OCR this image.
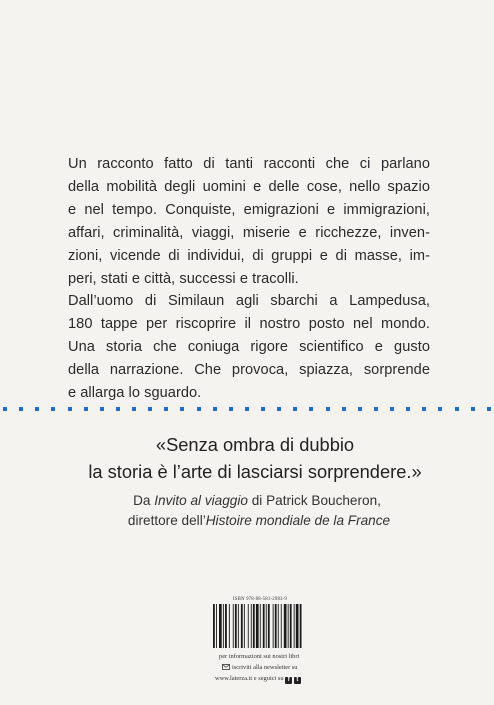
Un racconto fatto di tanti racconti che ci parlano
della mobilità degli uomini e delle cose, nello spazio
e nel tempo. Conquiste, emigrazioni e immigrazioni,
affari, criminalità, viaggi, miserie e ricchezze, inven-
zioni, vicende di individui, di gruppi e di masse, im-
peri, stati e città, successi e tracolli.
Dall’uomo di Similaun agli sbarchi a Lampedusa,
180 tappe per riscoprire il nostro posto nel mondo.
Una storia che coniuga rigore scientifico e gusto
della narrazione. Che provoca, spiazza, sorprende
e allarga lo sguardo.
«Senza ombra di dubbio
la storia è l’arte di lasciarsi sorprendere.»
Da Invito al viaggio di Patrick Boucheron,
direttore dell’Histoire mondiale de la France
ISBN 978-88-581-2983-9
per informazioni sui nostri libri
iscriviti alla newsletter su
www.laterza.it e seguici su f t
